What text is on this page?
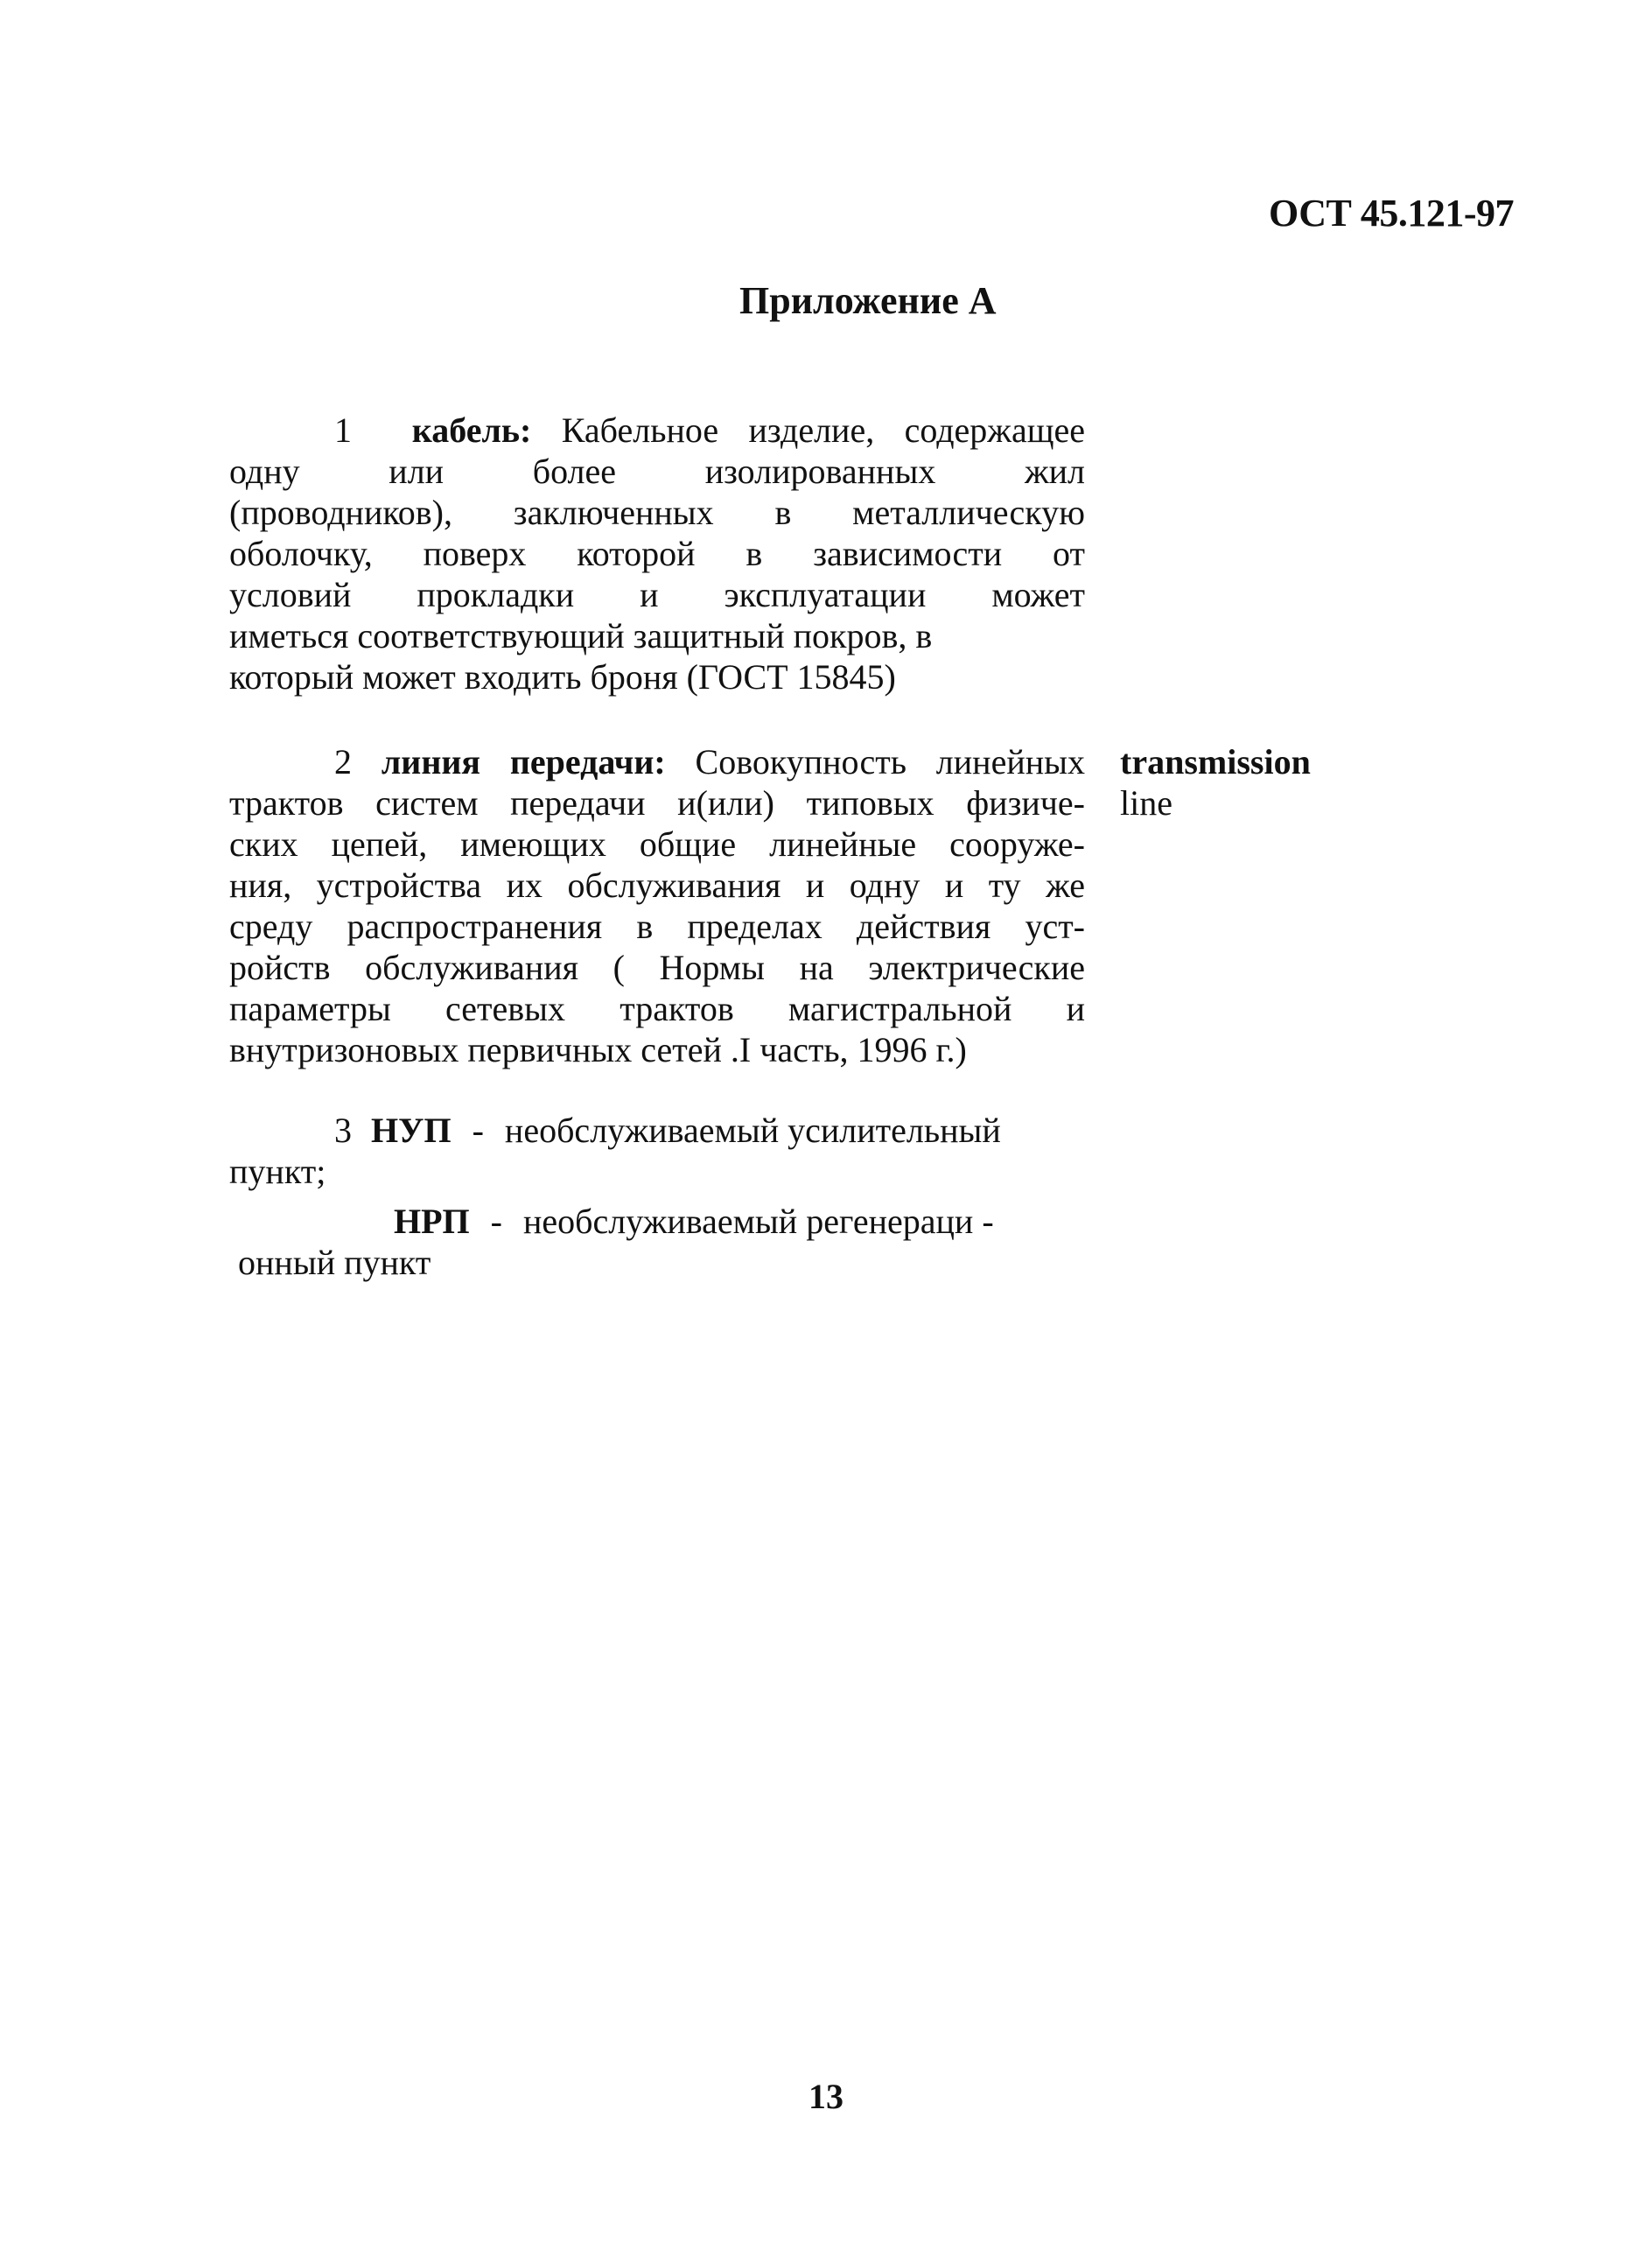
ОСТ 45.121-97
Приложение А
1 кабель: Кабельное изделие, содержащее
одну или более изолированных жил
(проводников), заключенных в металлическую
оболочку, поверх которой в зависимости от
условий прокладки и эксплуатации может
иметься соответствующий защитный покров, в
который может входить броня (ГОСТ 15845)
2 линия передачи: Совокупность линейных
трактов систем передачи и(или) типовых физиче-
ских цепей, имеющих общие линейные сооруже-
ния, устройства их обслуживания и одну и ту же
среду распространения в пределах действия уст-
ройств обслуживания ( Нормы на электрические
параметры сетевых трактов магистральной и
внутризоновых первичных сетей .I часть, 1996 г.)
transmission
line
3 НУП - необслуживаемый усилительный
пункт;
НРП - необслуживаемый регенераци -
онный пункт
13
